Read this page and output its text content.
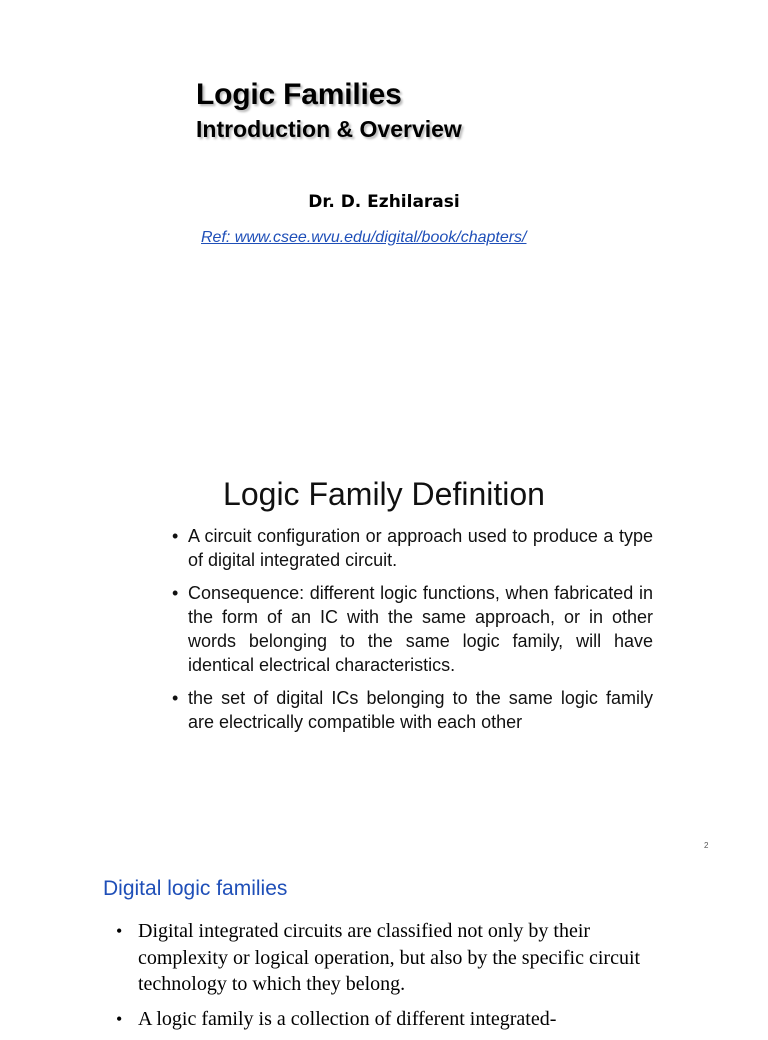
Logic Families
Introduction & Overview
Dr. D. Ezhilarasi
Ref: www.csee.wvu.edu/digital/book/chapters/
Logic Family Definition
• A circuit configuration or approach used to produce a type of digital integrated circuit.
• Consequence: different logic functions, when fabricated in the form of an IC with the same approach, or in other words belonging to the same logic family, will have identical electrical characteristics.
• the set of digital ICs belonging to the same logic family are electrically compatible with each other
2
Digital logic families
• Digital integrated circuits are classified not only by their complexity or logical operation, but also by the specific circuit technology to which they belong.
• A logic family is a collection of different integrated-
